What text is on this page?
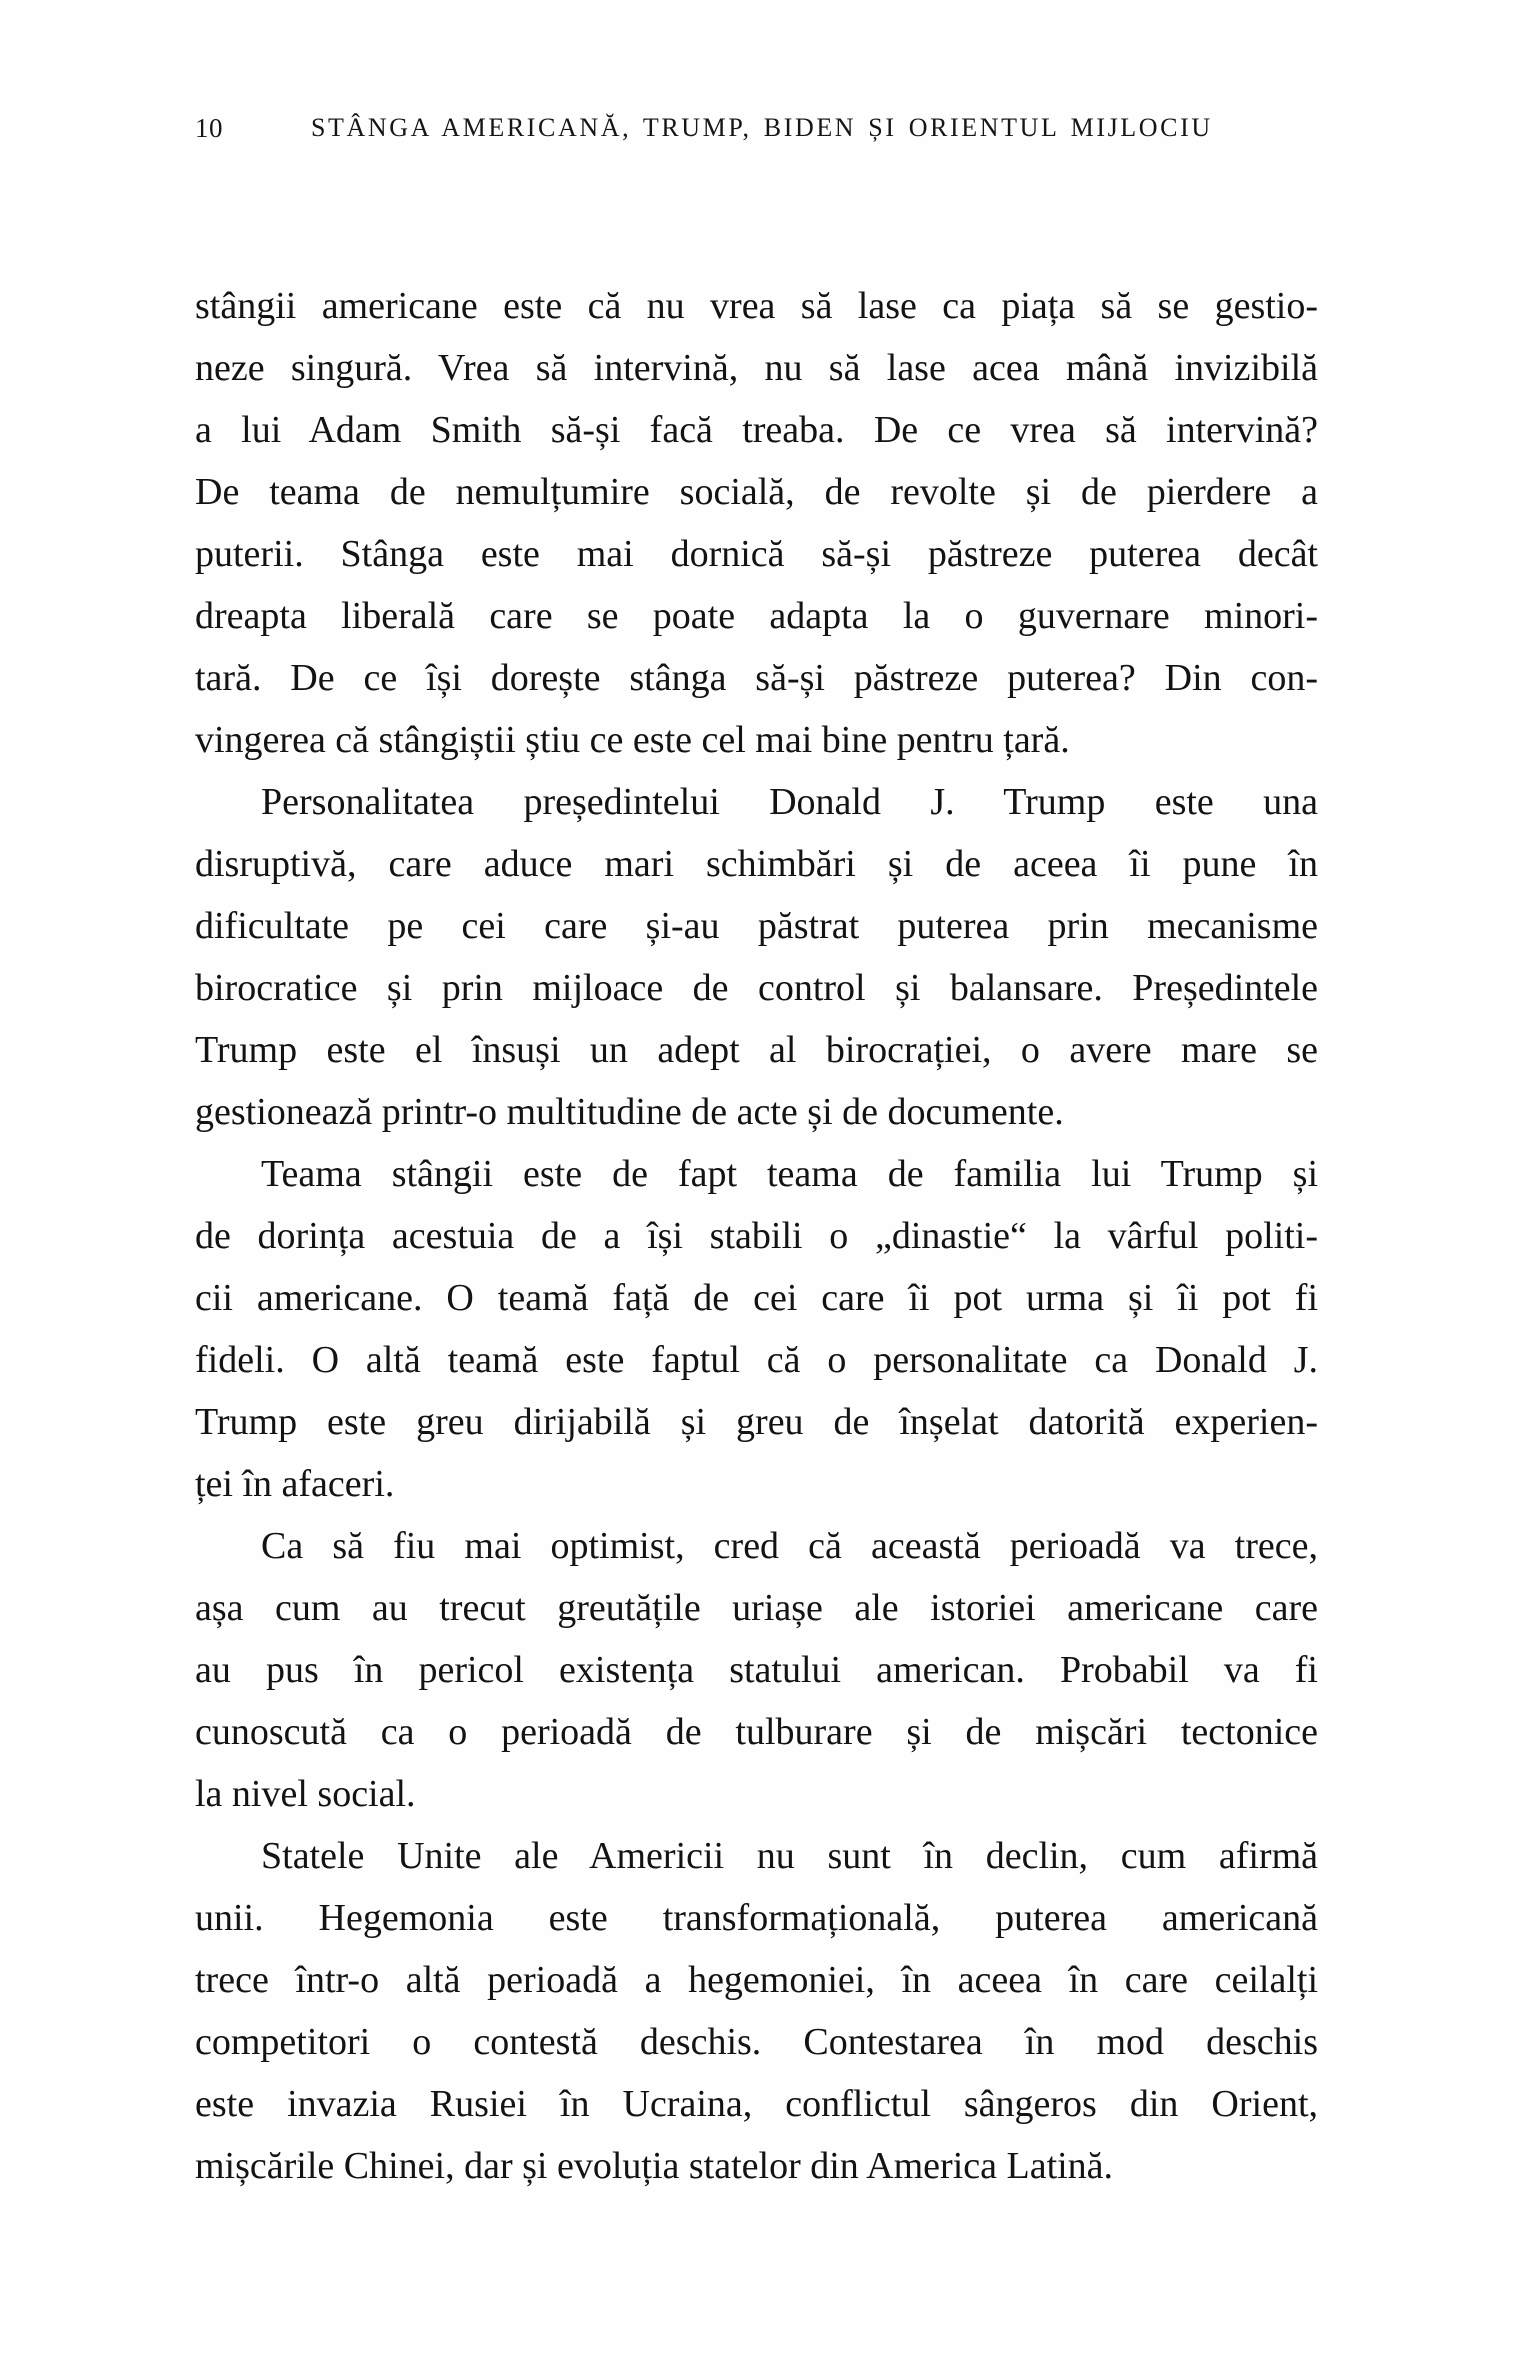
10	STÂNGA AMERICANĂ, TRUMP, BIDEN ȘI ORIENTUL MIJLOCIU
stângii americane este că nu vrea să lase ca piața să se gestio-
neze singură. Vrea să intervină, nu să lase acea mână invizibilă
a lui Adam Smith să-și facă treaba. De ce vrea să intervină?
De teama de nemulțumire socială, de revolte și de pierdere a
puterii. Stânga este mai dornică să-și păstreze puterea decât
dreapta liberală care se poate adapta la o guvernare minori-
tară. De ce își dorește stânga să-și păstreze puterea? Din con-
vingerea că stângiștii știu ce este cel mai bine pentru țară.
Personalitatea președintelui Donald J. Trump este una
disruptivă, care aduce mari schimbări și de aceea îi pune în
dificultate pe cei care și-au păstrat puterea prin mecanisme
birocratice și prin mijloace de control și balansare. Președintele
Trump este el însuși un adept al birocrației, o avere mare se
gestionează printr-o multitudine de acte și de documente.
Teama stângii este de fapt teama de familia lui Trump și
de dorința acestuia de a își stabili o „dinastie“ la vârful politi-
cii americane. O teamă față de cei care îi pot urma și îi pot fi
fideli. O altă teamă este faptul că o personalitate ca Donald J.
Trump este greu dirijabilă și greu de înșelat datorită experien-
ței în afaceri.
Ca să fiu mai optimist, cred că această perioadă va trece,
așa cum au trecut greutățile uriașe ale istoriei americane care
au pus în pericol existența statului american. Probabil va fi
cunoscută ca o perioadă de tulburare și de mișcări tectonice
la nivel social.
Statele Unite ale Americii nu sunt în declin, cum afirmă
unii. Hegemonia este transformațională, puterea americană
trece într-o altă perioadă a hegemoniei, în aceea în care ceilalți
competitori o contestă deschis. Contestarea în mod deschis
este invazia Rusiei în Ucraina, conflictul sângeros din Orient,
mișcările Chinei, dar și evoluția statelor din America Latină.
